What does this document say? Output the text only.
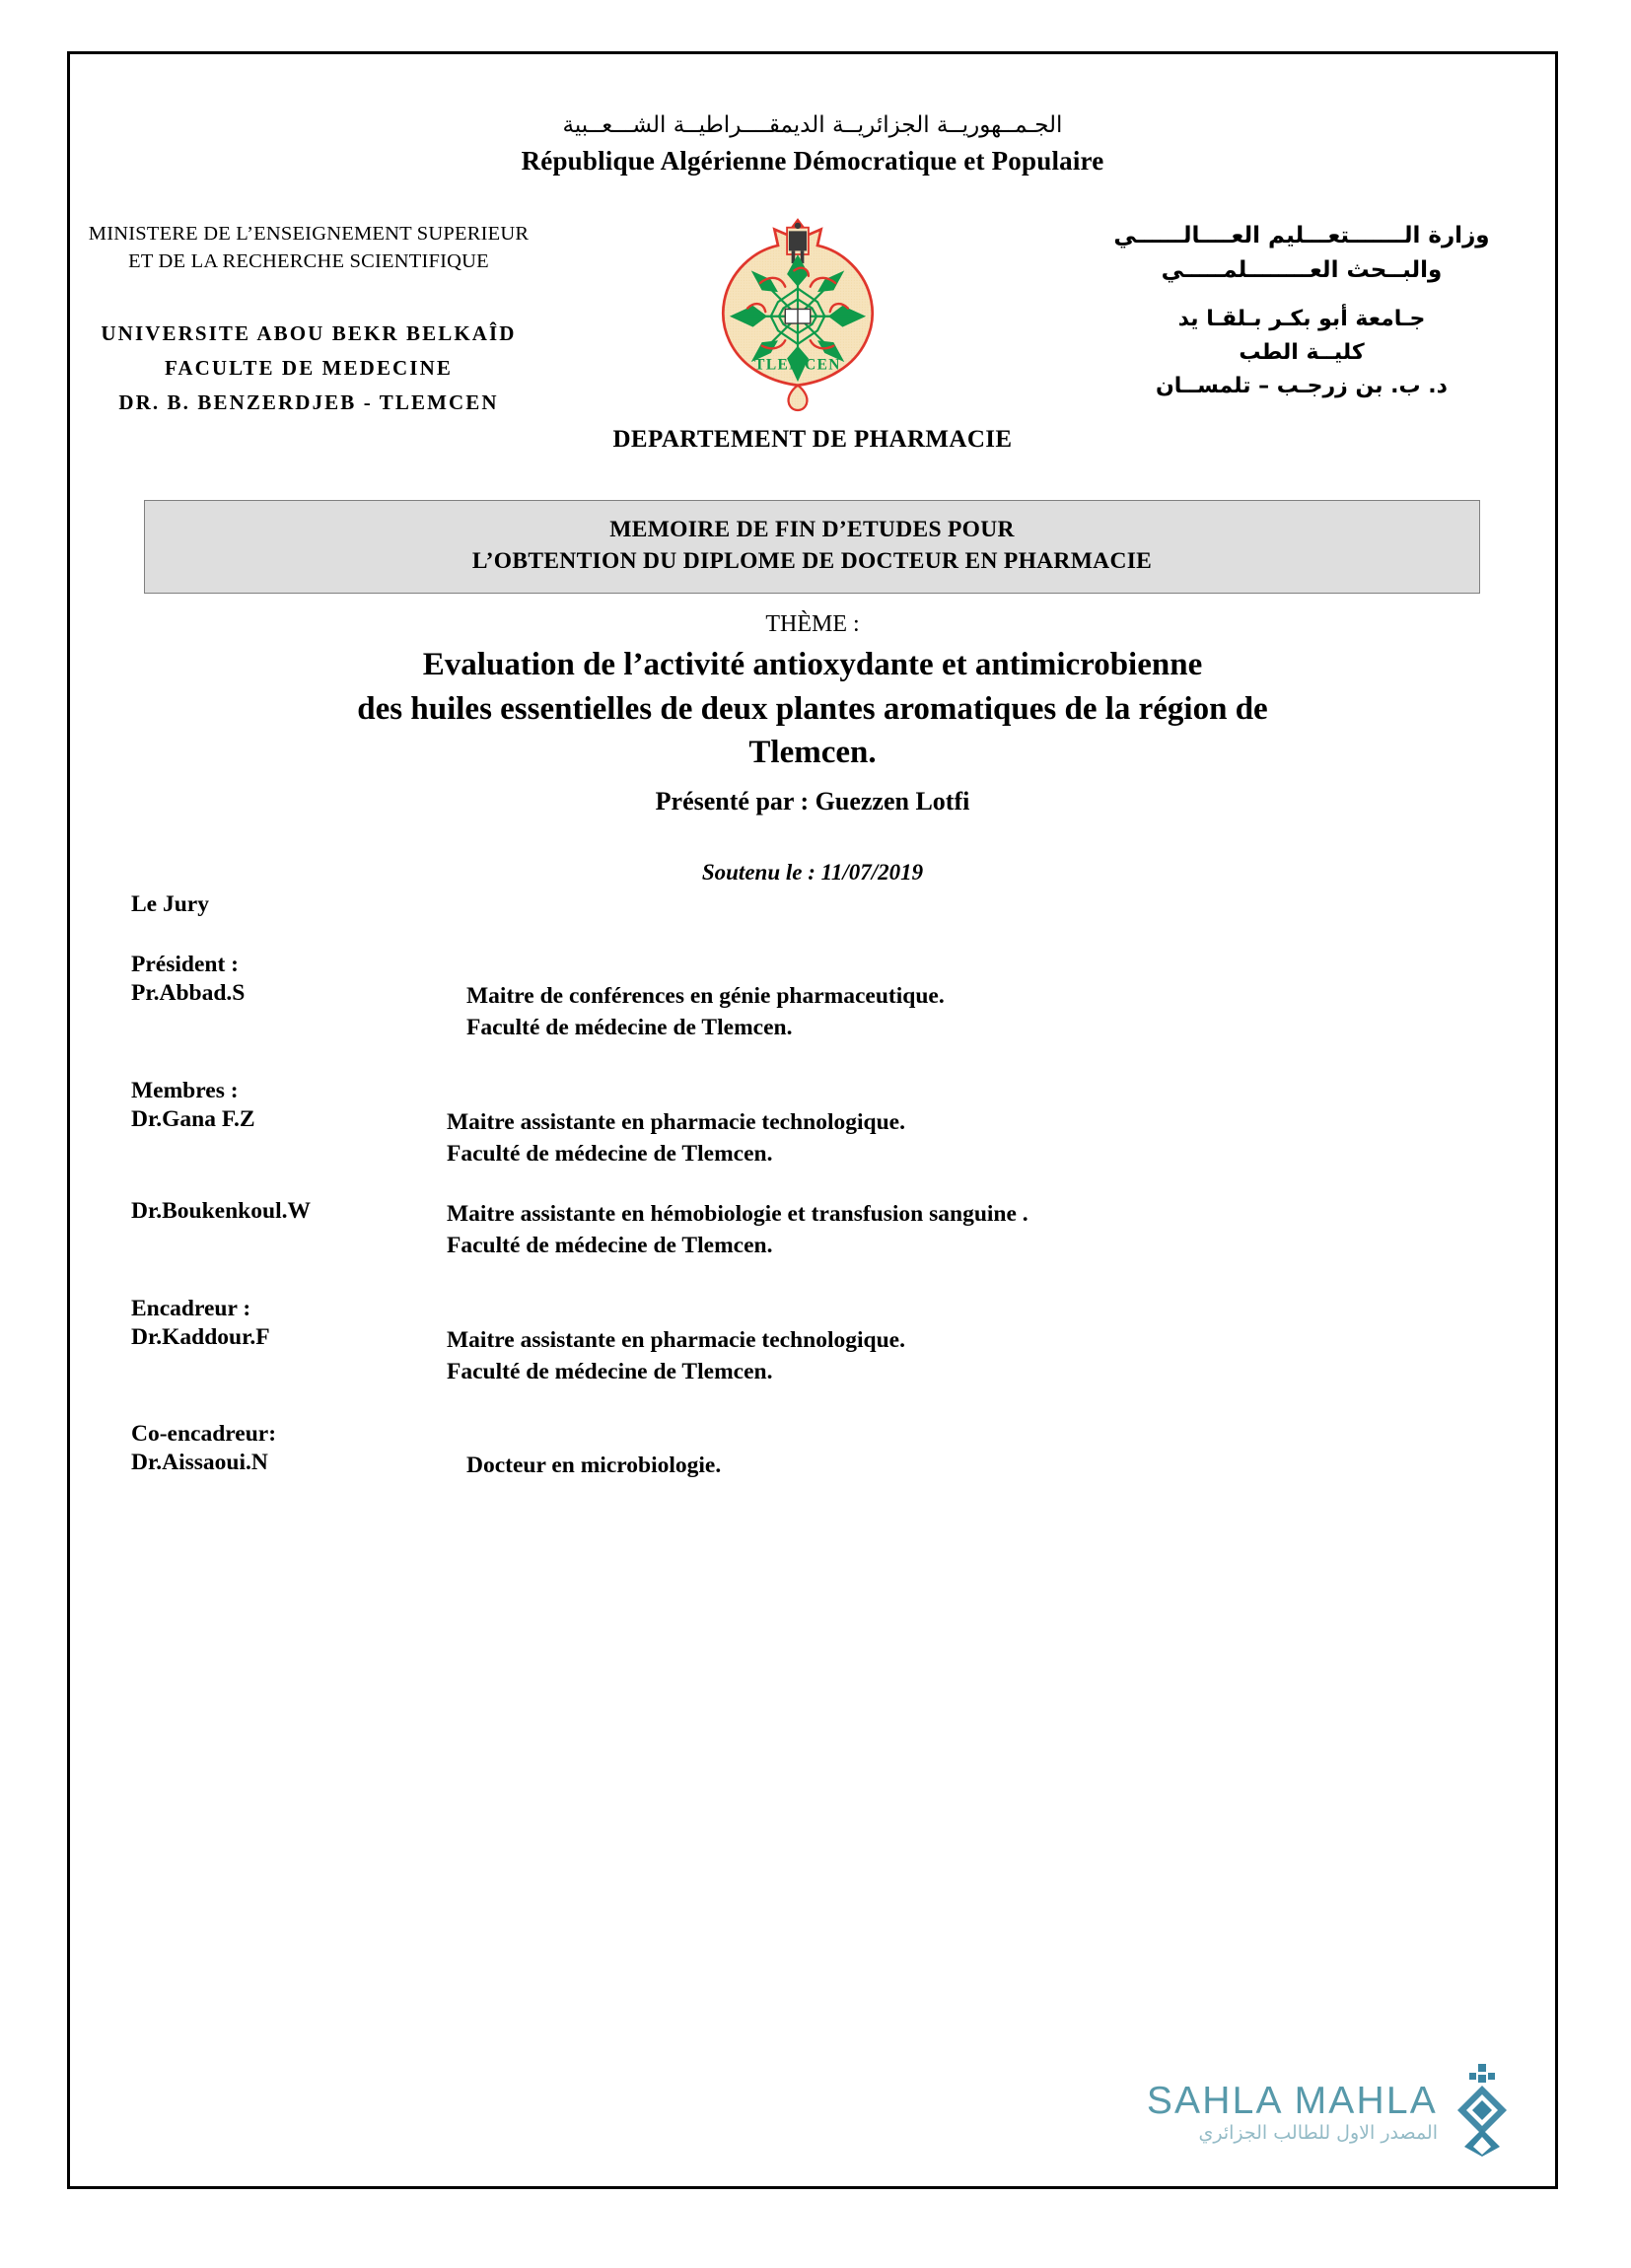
الجـمــهوريــة الجزائريــة الديمقــــراطيــة الشـــعــبية
République Algérienne Démocratique et Populaire
MINISTERE DE L’ENSEIGNEMENT SUPERIEUR
ET DE LA RECHERCHE SCIENTIFIQUE
UNIVERSITE ABOU BEKR BELKAÎD
FACULTE DE MEDECINE
DR. B. BENZERDJEB - TLEMCEN
TLEMCEN
وزارة الـــــــتعـــليم العــــالــــــي
والبــحث العــــــــلمـــــي
جـامعة أبو بكـر بـلقـا يد
كليــة الطب
د. ب. بن زرجـب – تلمســان
DEPARTEMENT DE PHARMACIE
MEMOIRE DE FIN D’ETUDES POUR
L’OBTENTION DU DIPLOME DE DOCTEUR EN PHARMACIE
THÈME :
Evaluation de l’activité antioxydante et antimicrobienne
des huiles essentielles de deux plantes aromatiques de la région de
Tlemcen.
Présenté par : Guezzen Lotfi
Soutenu le : 11/07/2019
Le Jury
Président :
Pr.Abbad.S	Maitre de conférences en génie pharmaceutique.
Faculté de médecine de Tlemcen.
Membres :
Dr.Gana F.Z	Maitre assistante en pharmacie technologique.
Faculté de médecine de Tlemcen.
Dr.Boukenkoul.W	Maitre assistante en hémobiologie et transfusion sanguine .
Faculté de médecine de Tlemcen.
Encadreur :
Dr.Kaddour.F	Maitre assistante en pharmacie technologique.
Faculté de médecine de Tlemcen.
Co-encadreur:
Dr.Aissaoui.N	Docteur en microbiologie.
SAHLA MAHLA
المصدر الاول للطالب الجزائري
